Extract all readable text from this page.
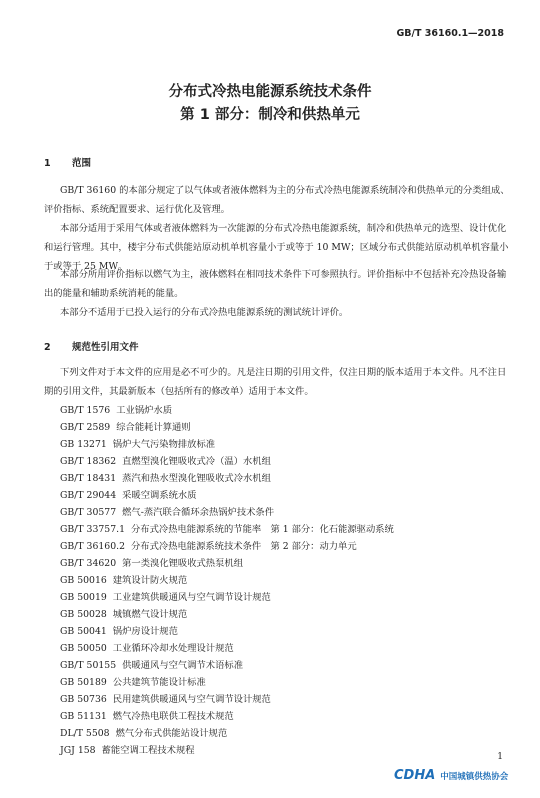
GB/T 36160.1—2018
分布式冷热电能源系统技术条件
第 1 部分：制冷和供热单元
1 范围
GB/T 36160 的本部分规定了以气体或者液体燃料为主的分布式冷热电能源系统制冷和供热单元的分类组成、评价指标、系统配置要求、运行优化及管理。
本部分适用于采用气体或者液体燃料为一次能源的分布式冷热电能源系统，制冷和供热单元的选型、设计优化和运行管理。其中，楼宇分布式供能站原动机单机容量小于或等于 10 MW；区域分布式供能站原动机单机容量小于或等于 25 MW。
本部分所用评价指标以燃气为主，液体燃料在相同技术条件下可参照执行。评价指标中不包括补充冷热设备输出的能量和辅助系统消耗的能量。
本部分不适用于已投入运行的分布式冷热电能源系统的测试统计评价。
2 规范性引用文件
下列文件对于本文件的应用是必不可少的。凡是注日期的引用文件，仅注日期的版本适用于本文件。凡不注日期的引用文件，其最新版本（包括所有的修改单）适用于本文件。
GB/T 1576 工业锅炉水质
GB/T 2589 综合能耗计算通则
GB 13271 锅炉大气污染物排放标准
GB/T 18362 直燃型溴化锂吸收式冷（温）水机组
GB/T 18431 蒸汽和热水型溴化锂吸收式冷水机组
GB/T 29044 采暖空调系统水质
GB/T 30577 燃气-蒸汽联合循环余热锅炉技术条件
GB/T 33757.1 分布式冷热电能源系统的节能率　第 1 部分：化石能源驱动系统
GB/T 36160.2 分布式冷热电能源系统技术条件　第 2 部分：动力单元
GB/T 34620 第一类溴化锂吸收式热泵机组
GB 50016 建筑设计防火规范
GB 50019 工业建筑供暖通风与空气调节设计规范
GB 50028 城镇燃气设计规范
GB 50041 锅炉房设计规范
GB 50050 工业循环冷却水处理设计规范
GB/T 50155 供暖通风与空气调节术语标准
GB 50189 公共建筑节能设计标准
GB 50736 民用建筑供暖通风与空气调节设计规范
GB 51131 燃气冷热电联供工程技术规范
DL/T 5508 燃气分布式供能站设计规范
JGJ 158 蓄能空调工程技术规程
1
CDHA 中国城镇供热协会
